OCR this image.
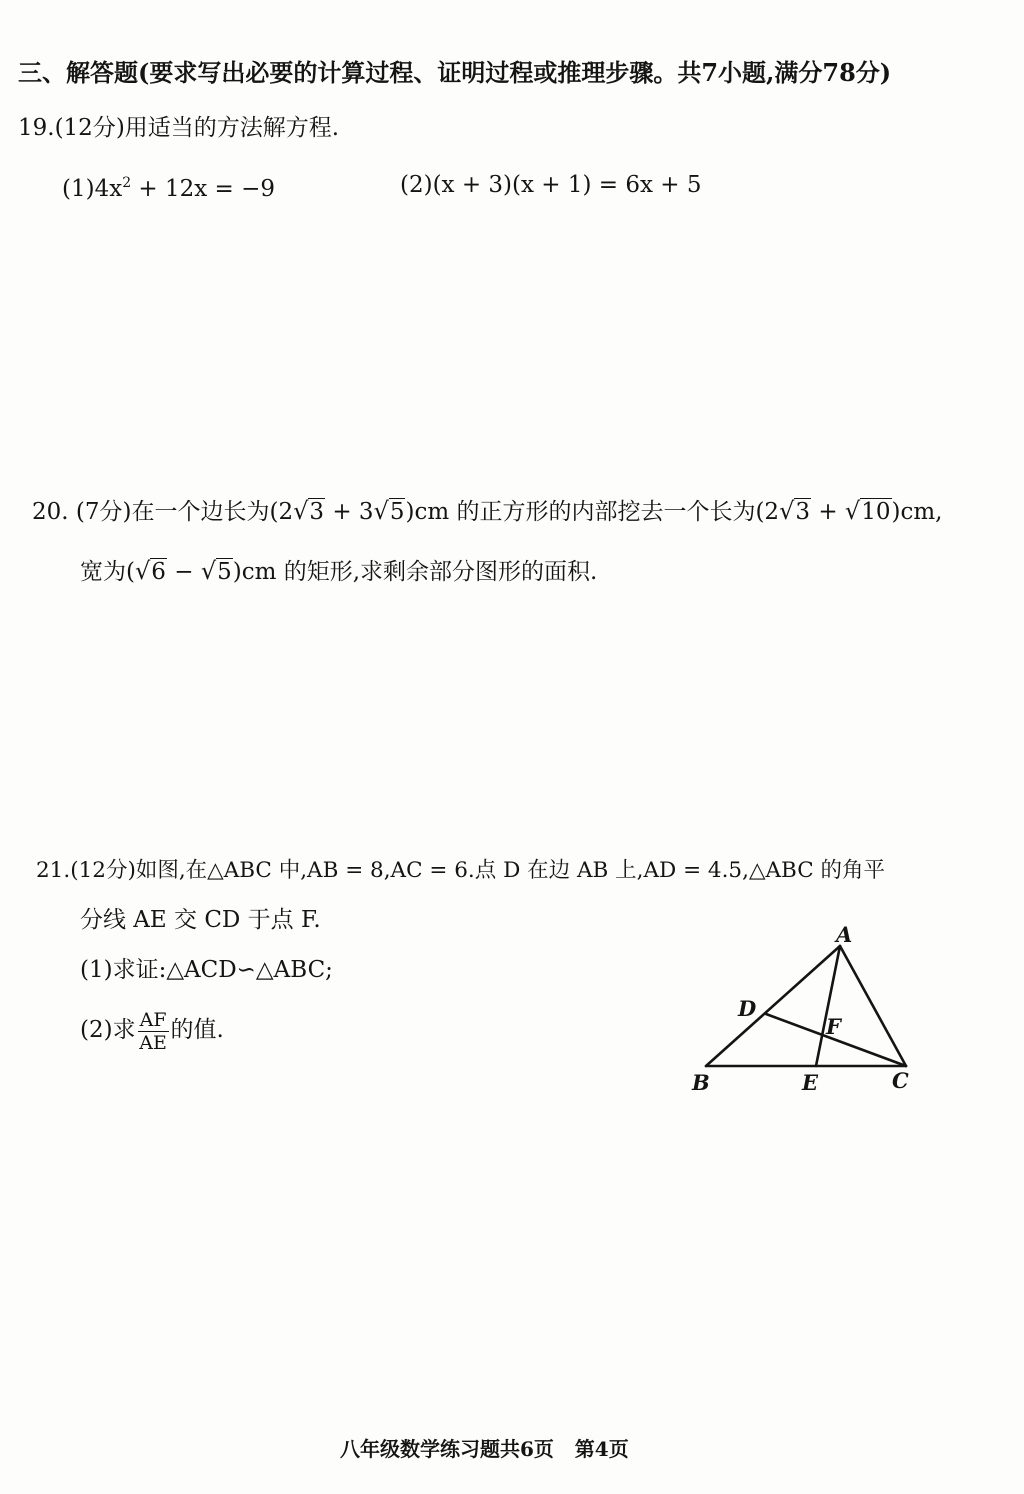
三、解答题(要求写出必要的计算过程、证明过程或推理步骤。共7小题,满分78分)
19.(12分)用适当的方法解方程.
$(1)4x^2 + 12x = -9$	(2)(x + 3)(x + 1) = 6x + 5
20. (7分)在一个边长为(2√3 + 3√5)cm 的正方形的内部挖去一个长为(2√3 + √10)cm,
宽为(√6 − √5)cm 的矩形,求剩余部分图形的面积.
21.(12分)如图,在△ABC 中,AB = 8,AC = 6.点 D 在边 AB 上,AD = 4.5,△ABC 的角平
分线 AE 交 CD 于点 F.
(1)求证:△ACD∽△ABC;
(2)求 $\frac{AF}{AE}$ 的值.
A
B	C
D
E
F
八年级数学练习题共6页   第4页
